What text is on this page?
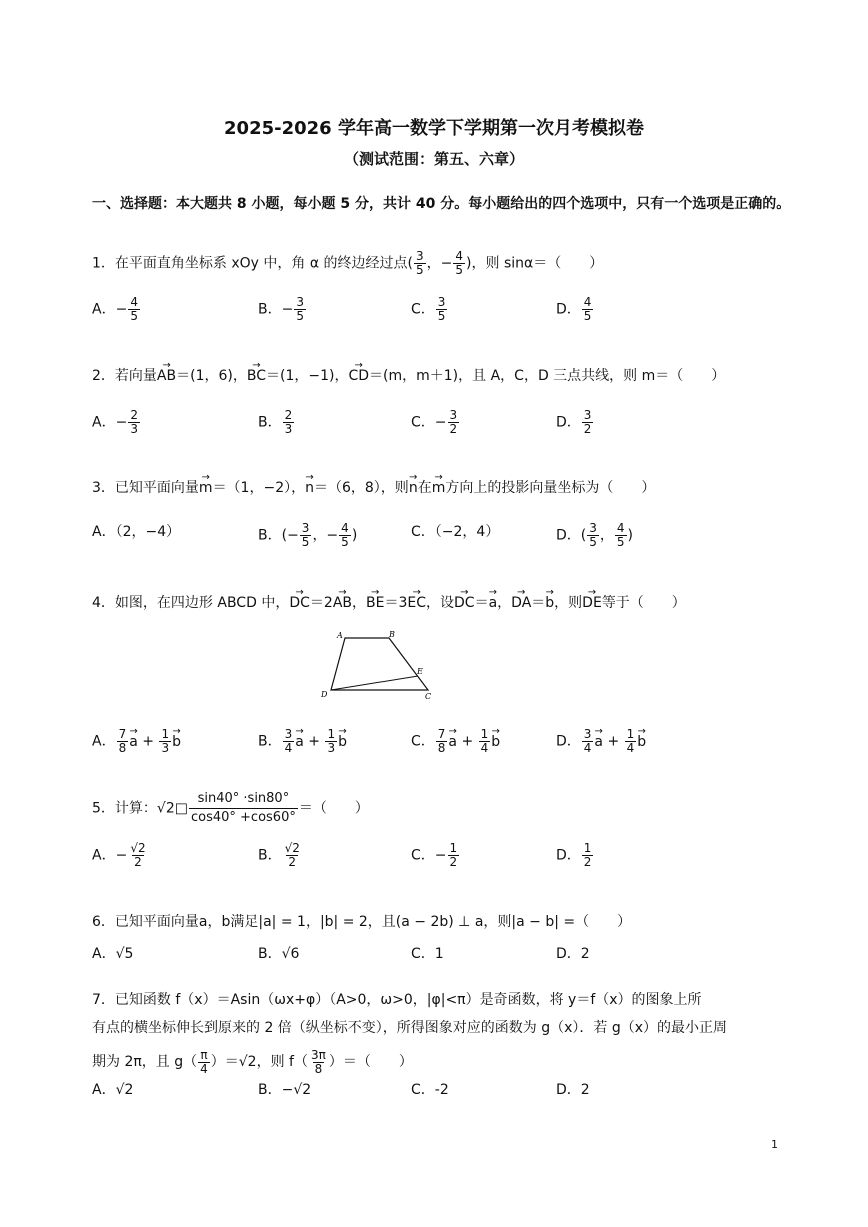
2025-2026 学年高一数学下学期第一次月考模拟卷
（测试范围：第五、六章）
一、选择题：本大题共 8 小题，每小题 5 分，共计 40 分。每小题给出的四个选项中，只有一个选项是正确的。
1．在平面直角坐标系 xOy 中，角 α 的终边经过点( $\frac{3}{5}$ ，− $\frac{4}{5}$ )，则 sinα＝（　　）
A．− $\frac{4}{5}$	B．− $\frac{3}{5}$	C． $\frac{3}{5}$	D． $\frac{4}{5}$
2．若向量→ AB＝(1，6)，→ BC＝(1，−1)，→ CD＝(m，m＋1)，且 A，C，D 三点共线，则 m＝（　　）
A．− $\frac{2}{3}$	B． $\frac{2}{3}$	C．− $\frac{3}{2}$	D． $\frac{3}{2}$
3．已知平面向量→ m＝（1，−2），→ n＝（6，8），则→ n在→ m方向上的投影向量坐标为（　　）
A．（2，−4）	B．(− $\frac{3}{5}$ ，− $\frac{4}{5}$ )	C．（−2，4）	D．( $\frac{3}{5}$ ， $\frac{4}{5}$ )
4．如图，在四边形 ABCD 中，→ DC＝2→ AB，→ BE＝3→ EC，设→ DC＝→ a，→ DA＝→ b，则→ DE等于（　　）
A	B
C
D
E
A． $\frac{7}{8}$
→ $a + \frac{1}{3}$
→ b	B． $\frac{3}{4}$
→ $a + \frac{1}{3}$
→ b	C． $\frac{7}{8}$
→ $a + \frac{1}{4}$
→ b	D． $\frac{3}{4}$
→ $a + \frac{1}{4}$
→ b
5．计算：√2□ $\frac{\sin 40^\circ \cdot\sin 80^\circ}{\cos 40^\circ +\cos 60^\circ}$ ＝（　　）
A．− $\frac{√2}{2}$	B． $\frac{√2}{2}$	C．− $\frac{1}{2}$	D． $\frac{1}{2}$
6．已知平面向量a，b满足|a| = 1，|b| = 2，且(a − 2b) ⊥ a，则|a − b| =（　　）
A．√5	B．√6	C．1	D．2
7．已知函数 f（x）＝Asin（ωx+φ）（A>0，ω>0，|φ|<π）是奇函数，将 y＝f（x）的图象上所
有点的横坐标伸长到原来的 2 倍（纵坐标不变），所得图象对应的函数为 g（x）．若 g（x）的最小正周
期为 2π，且 $g( \frac{\pi}{4} )=√2$，则 $f( \frac{3\pi}{8}$ ）＝（　　）
A．√2	B．−√2	C．-2	D．2
1
